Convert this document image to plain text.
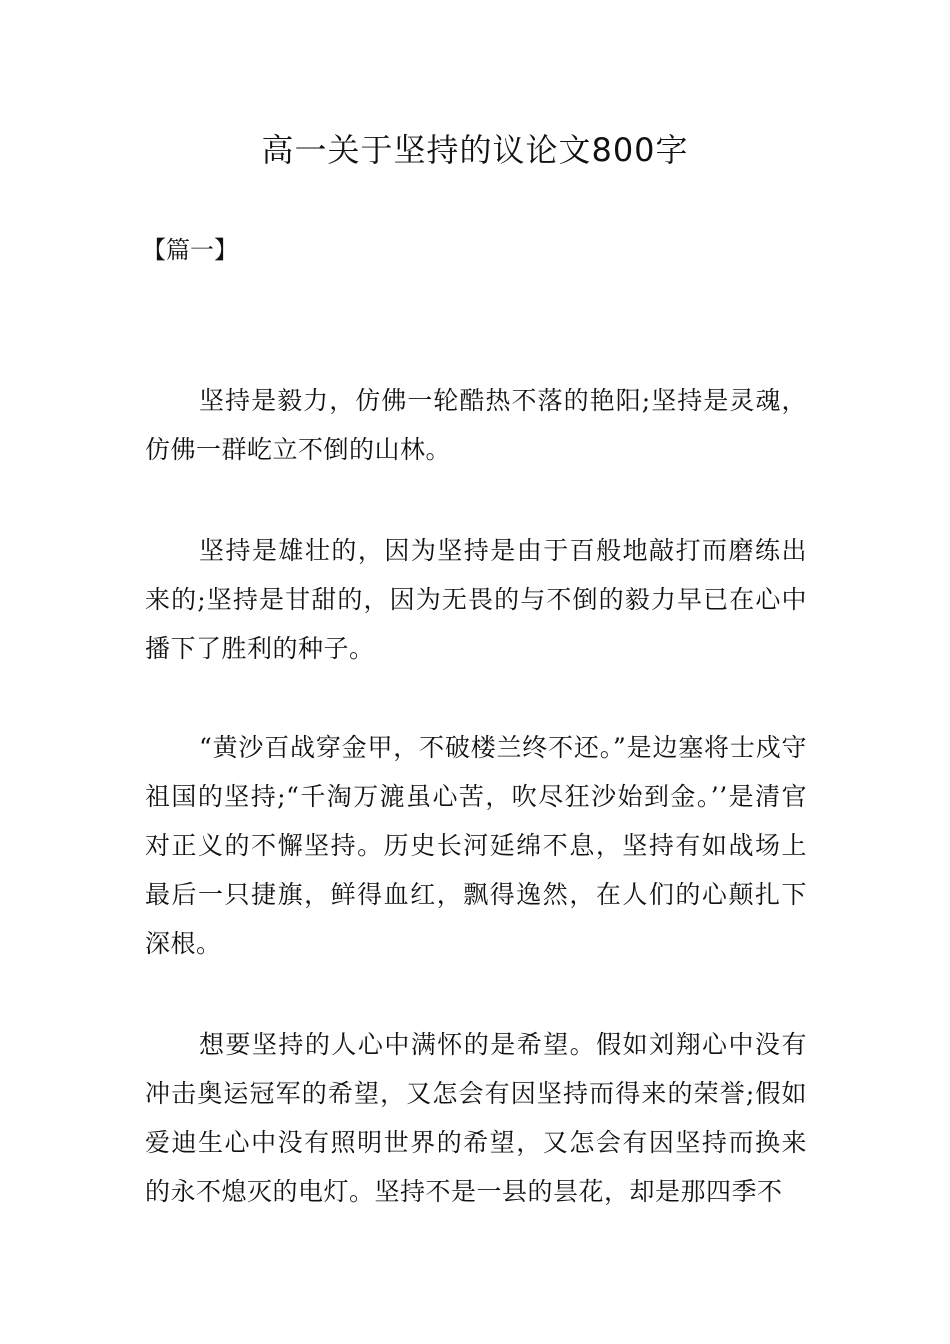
高一关于坚持的议论文800字
【篇一】

坚持是毅力，仿佛一轮酷热不落的艳阳;坚持是灵魂，仿佛一群屹立不倒的山林。

坚持是雄壮的，因为坚持是由于百般地敲打而磨练出来的;坚持是甘甜的，因为无畏的与不倒的毅力早已在心中播下了胜利的种子。

“黄沙百战穿金甲，不破楼兰终不还。”是边塞将士戍守祖国的坚持;“千淘万漉虽心苦，吹尽狂沙始到金。’’是清官对正义的不懈坚持。历史长河延绵不息，坚持有如战场上最后一只捷旗，鲜得血红，飘得逸然，在人们的心颠扎下深根。

想要坚持的人心中满怀的是希望。假如刘翔心中没有冲击奥运冠军的希望，又怎会有因坚持而得来的荣誉;假如爱迪生心中没有照明世界的希望，又怎会有因坚持而换来的永不熄灭的电灯。坚持不是一县的昙花，却是那四季不
